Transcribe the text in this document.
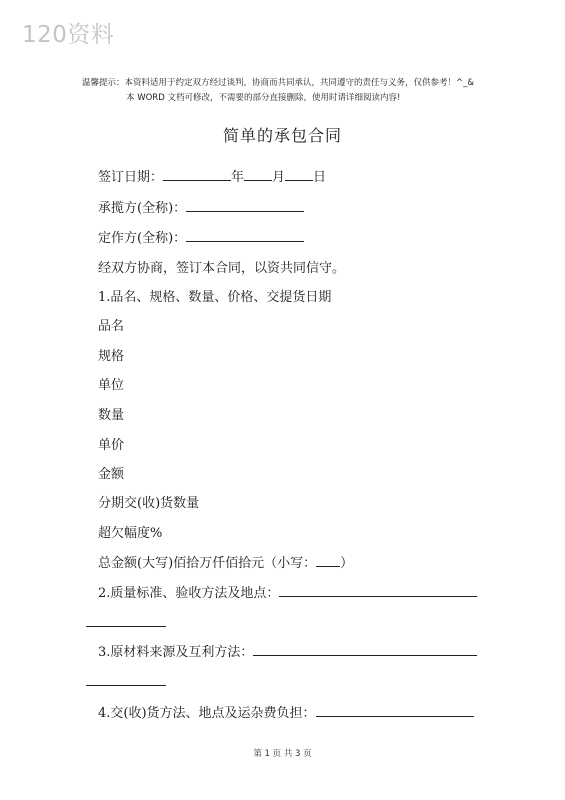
120资料
温馨提示：本资料适用于约定双方经过谈判，协商而共同承认，共同遵守的责任与义务，仅供参考！^_&
本 WORD 文档可修改，不需要的部分直接删除，使用时请详细阅读内容!
简单的承包合同
签订日期：	年 月 日
承揽方(全称)：
定作方(全称)：
经双方协商，签订本合同，以资共同信守。
1.品名、规格、数量、价格、交提货日期
品名
规格
单位
数量
单价
金额
分期交(收)货数量
超欠幅度%
总金额(大写)佰拾万仟佰拾元（小写： ）
2.质量标准、验收方法及地点：
3.原材料来源及互利方法：
4.交(收)货方法、地点及运杂费负担：
第 1 页 共 3 页
